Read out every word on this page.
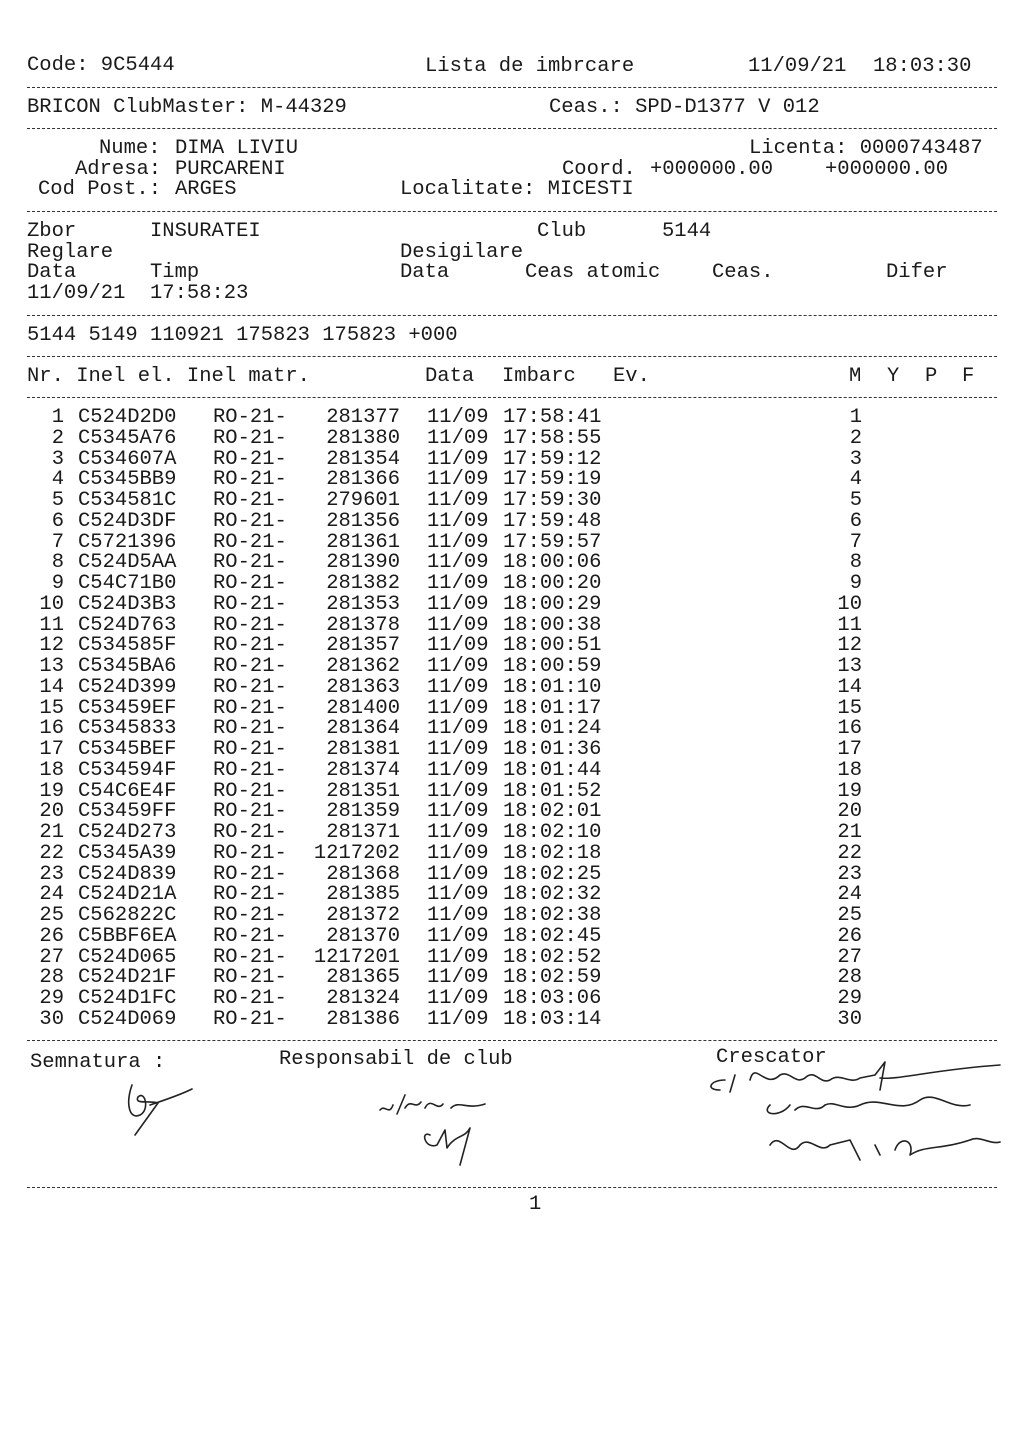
Code: 9C5444	Lista de imbrcare	11/09/21 18:03:30
BRICON ClubMaster: M-44329	Ceas.: SPD-D1377 V 012
Nume: DIMA LIVIU	Licenta: 0000743487
Adresa: PURCARENI	Coord. +000000.00	+000000.00
Cod Post.: ARGES	Localitate: MICESTI
Zbor	INSURATEI	Club	5144
Reglare	Desigilare
Data	Timp	Data	Ceas atomic	Ceas.	Difer
11/09/21 17:58:23
5144 5149 110921 175823 175823 +000
Nr. Inel el. Inel matr.	Data Imbarc Ev.	M Y P F
1 C524D2D0 RO-21- 281377 11/09 17:58:41	1
2 C5345A76 RO-21- 281380 11/09 17:58:55	2
3 C534607A RO-21- 281354 11/09 17:59:12	3
4 C5345BB9 RO-21- 281366 11/09 17:59:19	4
5 C534581C RO-21- 279601 11/09 17:59:30	5
6 C524D3DF RO-21- 281356 11/09 17:59:48	6
7 C5721396 RO-21- 281361 11/09 17:59:57	7
8 C524D5AA RO-21- 281390 11/09 18:00:06	8
9 C54C71B0 RO-21- 281382 11/09 18:00:20	9
10 C524D3B3 RO-21- 281353 11/09 18:00:29	10
11 C524D763 RO-21- 281378 11/09 18:00:38	11
12 C534585F RO-21- 281357 11/09 18:00:51	12
13 C5345BA6 RO-21- 281362 11/09 18:00:59	13
14 C524D399 RO-21- 281363 11/09 18:01:10	14
15 C53459EF RO-21- 281400 11/09 18:01:17	15
16 C5345833 RO-21- 281364 11/09 18:01:24	16
17 C5345BEF RO-21- 281381 11/09 18:01:36	17
18 C534594F RO-21- 281374 11/09 18:01:44	18
19 C54C6E4F RO-21- 281351 11/09 18:01:52	19
20 C53459FF RO-21- 281359 11/09 18:02:01	20
21 C524D273 RO-21- 281371 11/09 18:02:10	21
22 C5345A39 RO-21- 1217202 11/09 18:02:18	22
23 C524D839 RO-21- 281368 11/09 18:02:25	23
24 C524D21A RO-21- 281385 11/09 18:02:32	24
25 C562822C RO-21- 281372 11/09 18:02:38	25
26 C5BBF6EA RO-21- 281370 11/09 18:02:45	26
27 C524D065 RO-21- 1217201 11/09 18:02:52	27
28 C524D21F RO-21- 281365 11/09 18:02:59	28
29 C524D1FC RO-21- 281324 11/09 18:03:06	29
30 C524D069 RO-21- 281386 11/09 18:03:14	30
Semnatura :	Responsabil de club	Crescator
1
